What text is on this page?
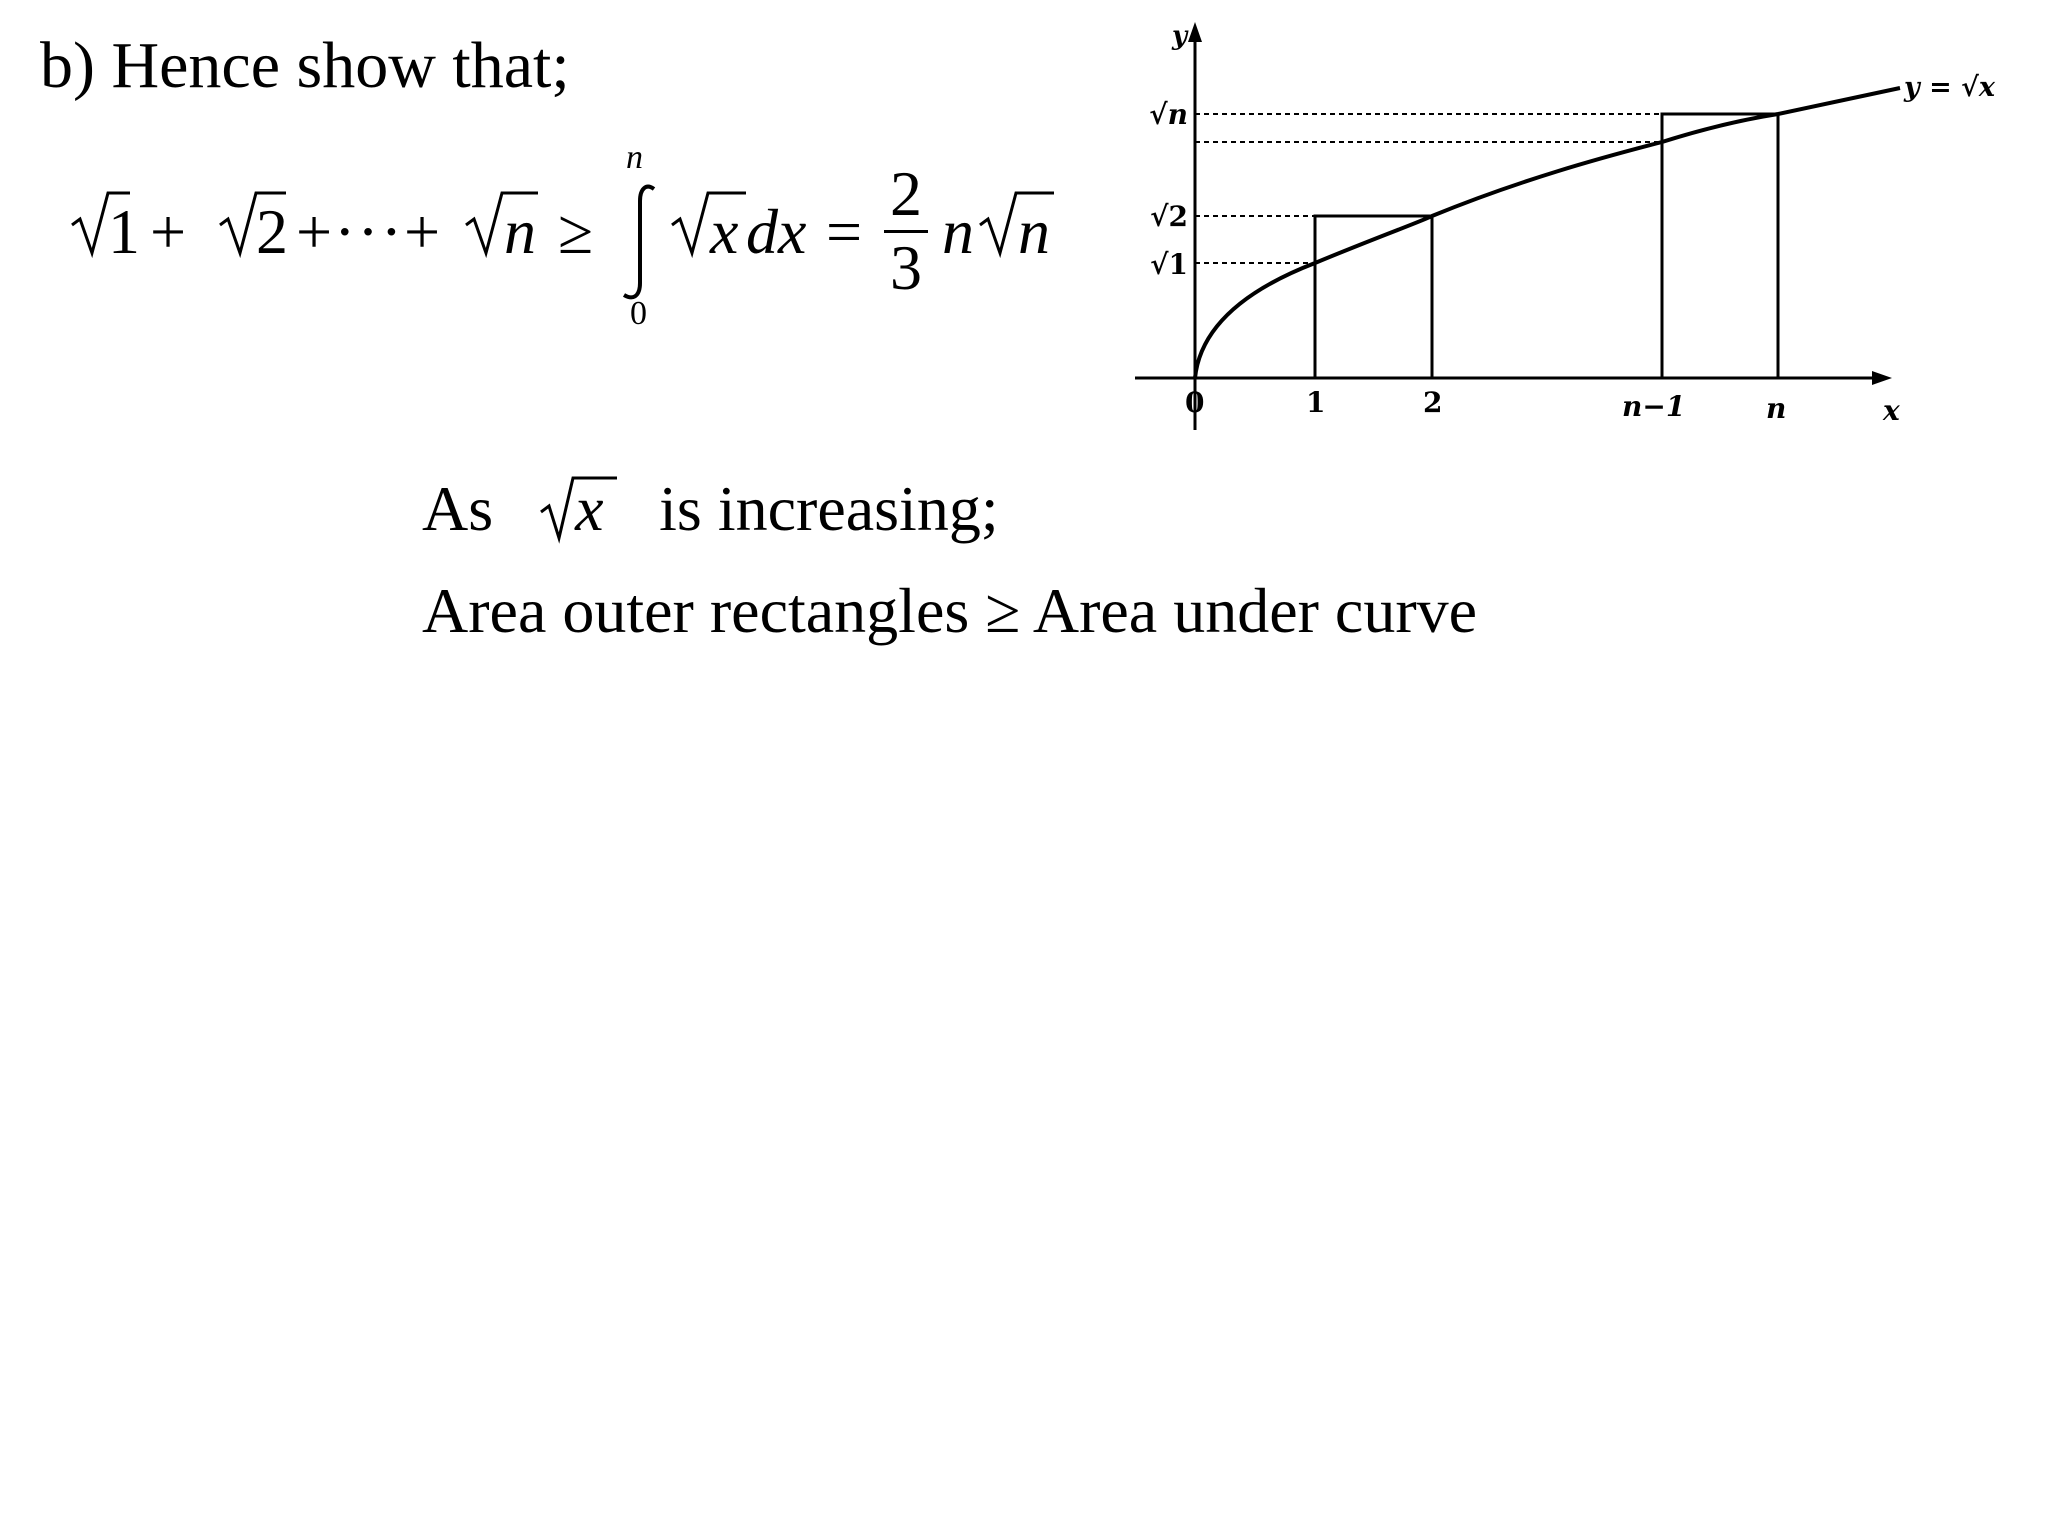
b) Hence show that;
1 + 2 +···+ n ≥
n
0
x dx =
2
3
n n
As x is increasing;
Area outer rectangles ≥ Area under curve
y
x
y = √x
√n
√2
√1
0	1	2	n−1	n
